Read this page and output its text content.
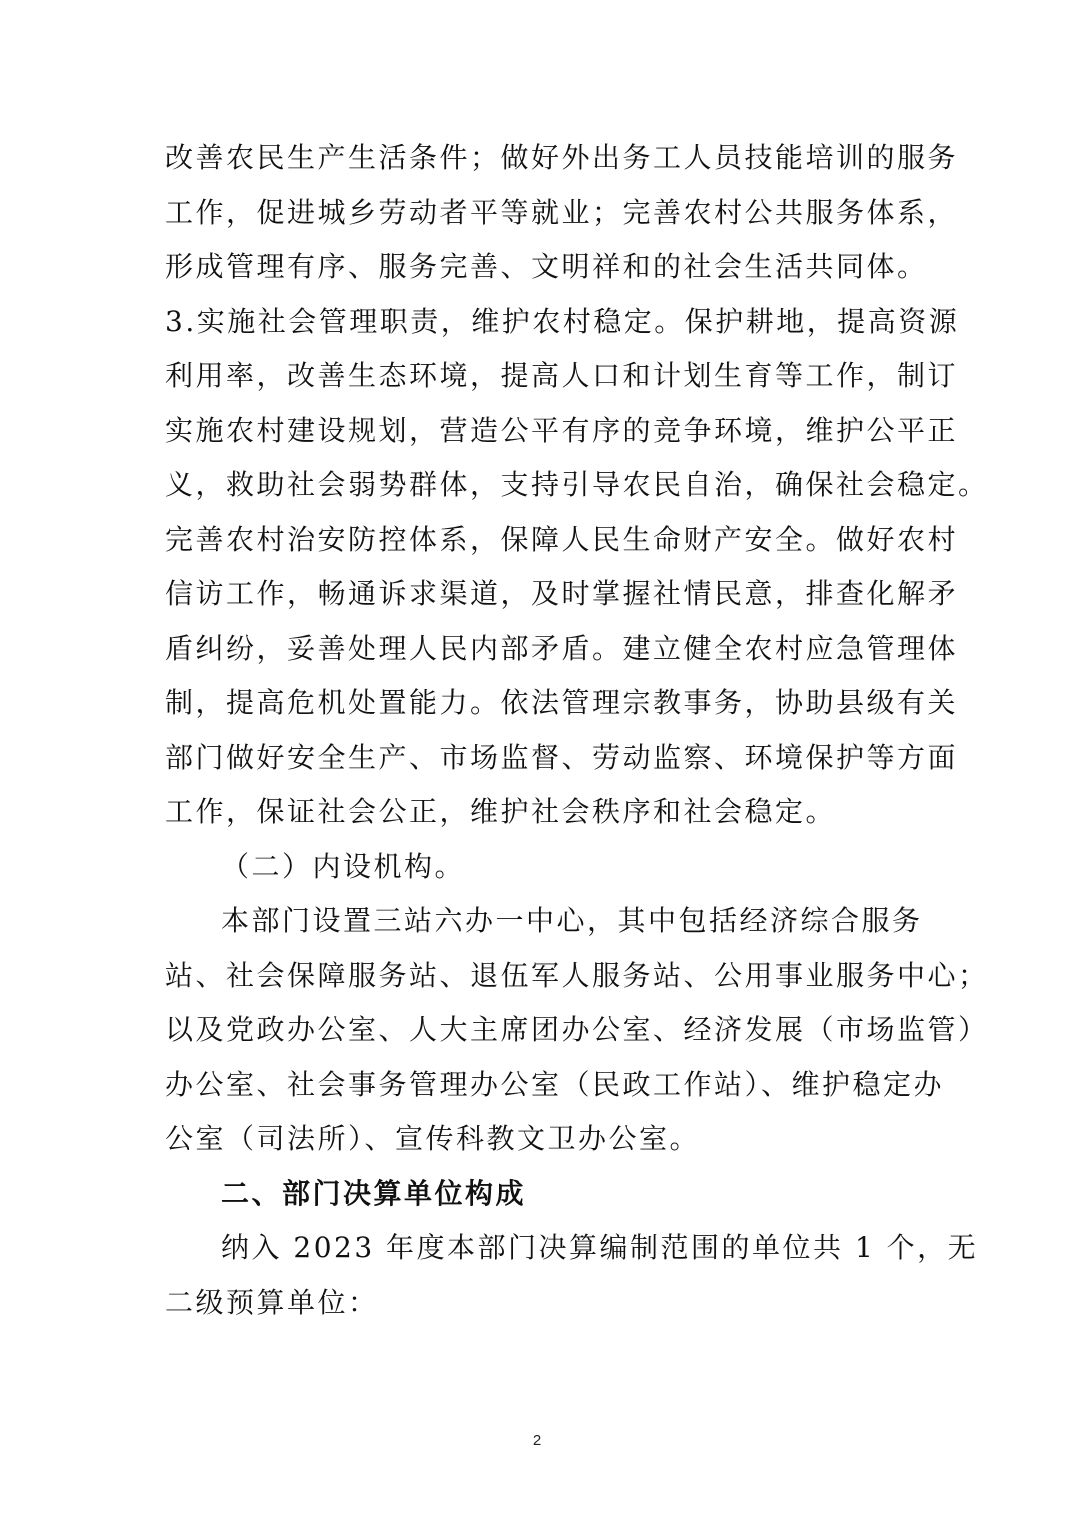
改善农民生产生活条件；做好外出务工人员技能培训的服务
工作，促进城乡劳动者平等就业；完善农村公共服务体系，
形成管理有序、服务完善、文明祥和的社会生活共同体。
3.实施社会管理职责，维护农村稳定。保护耕地，提高资源
利用率，改善生态环境，提高人口和计划生育等工作，制订
实施农村建设规划，营造公平有序的竞争环境，维护公平正
义，救助社会弱势群体，支持引导农民自治，确保社会稳定。
完善农村治安防控体系，保障人民生命财产安全。做好农村
信访工作，畅通诉求渠道，及时掌握社情民意，排查化解矛
盾纠纷，妥善处理人民内部矛盾。建立健全农村应急管理体
制，提高危机处置能力。依法管理宗教事务，协助县级有关
部门做好安全生产、市场监督、劳动监察、环境保护等方面
工作，保证社会公正，维护社会秩序和社会稳定。
（二）内设机构。
本部门设置三站六办一中心，其中包括经济综合服务
站、社会保障服务站、退伍军人服务站、公用事业服务中心；
以及党政办公室、人大主席团办公室、经济发展（市场监管）
办公室、社会事务管理办公室（民政工作站）、维护稳定办
公室（司法所）、宣传科教文卫办公室。
二、部门决算单位构成
纳入 2023 年度本部门决算编制范围的单位共 1 个，无
二级预算单位：
2
